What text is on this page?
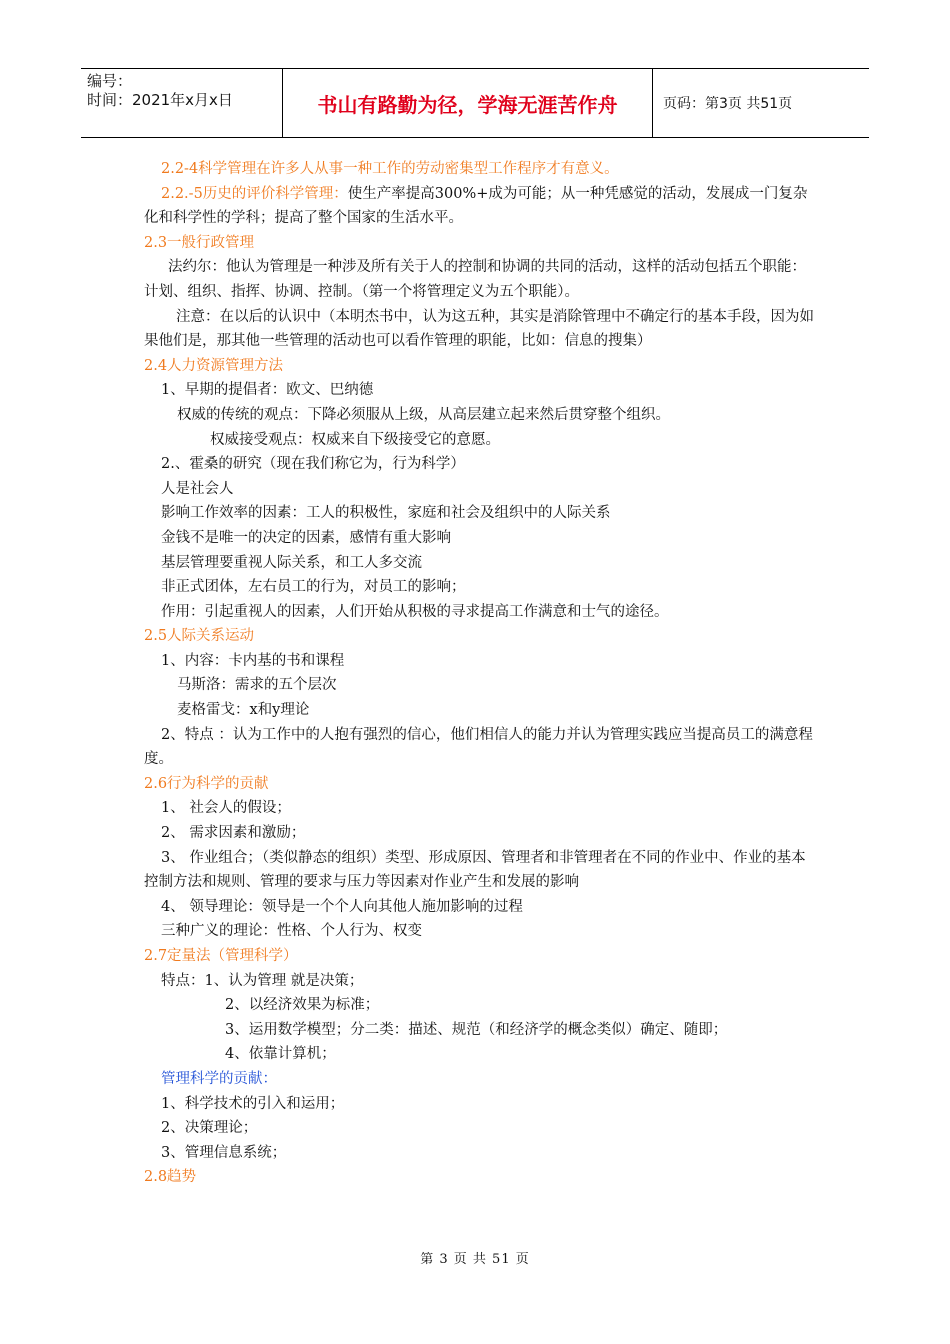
编号：
时间：2021年x月x日	书山有路勤为径，学海无涯苦作舟	页码：第3页 共51页
2.2-4科学管理在许多人从事一种工作的劳动密集型工作程序才有意义。
2.2.-5历史的评价科学管理：使生产率提高300%+成为可能；从一种凭感觉的活动，发展成一门复杂化和科学性的学科；提高了整个国家的生活水平。
2.3一般行政管理
法约尔：他认为管理是一种涉及所有关于人的控制和协调的共同的活动，这样的活动包括五个职能：计划、组织、指挥、协调、控制。（第一个将管理定义为五个职能）。
注意：在以后的认识中（本明杰书中，认为这五种，其实是消除管理中不确定行的基本手段，因为如果他们是，那其他一些管理的活动也可以看作管理的职能，比如：信息的搜集）
2.4人力资源管理方法
1、早期的提倡者：欧文、巴纳德
权威的传统的观点：下降必须服从上级，从高层建立起来然后贯穿整个组织。
权威接受观点：权威来自下级接受它的意愿。
2.、霍桑的研究（现在我们称它为，行为科学）
人是社会人
影响工作效率的因素：工人的积极性，家庭和社会及组织中的人际关系
金钱不是唯一的决定的因素，感情有重大影响
基层管理要重视人际关系，和工人多交流
非正式团体，左右员工的行为，对员工的影响；
作用：引起重视人的因素，人们开始从积极的寻求提高工作满意和士气的途径。
2.5人际关系运动
1、内容：卡内基的书和课程
马斯洛：需求的五个层次
麦格雷戈：x和y理论
2、特点 ：认为工作中的人抱有强烈的信心，他们相信人的能力并认为管理实践应当提高员工的满意程度。
2.6行为科学的贡献
1、 社会人的假设；
2、 需求因素和激励；
3、 作业组合；（类似静态的组织）类型、形成原因、管理者和非管理者在不同的作业中、作业的基本控制方法和规则、管理的要求与压力等因素对作业产生和发展的影响
4、 领导理论：领导是一个个人向其他人施加影响的过程
三种广义的理论：性格、个人行为、权变
2.7定量法（管理科学）
特点：1、认为管理 就是决策；
2、以经济效果为标准；
3、运用数学模型；分二类：描述、规范（和经济学的概念类似）确定、随即；
4、依靠计算机；
管理科学的贡献：
1、科学技术的引入和运用；
2、决策理论；
3、管理信息系统；
2.8趋势
第 3 页 共 51 页
